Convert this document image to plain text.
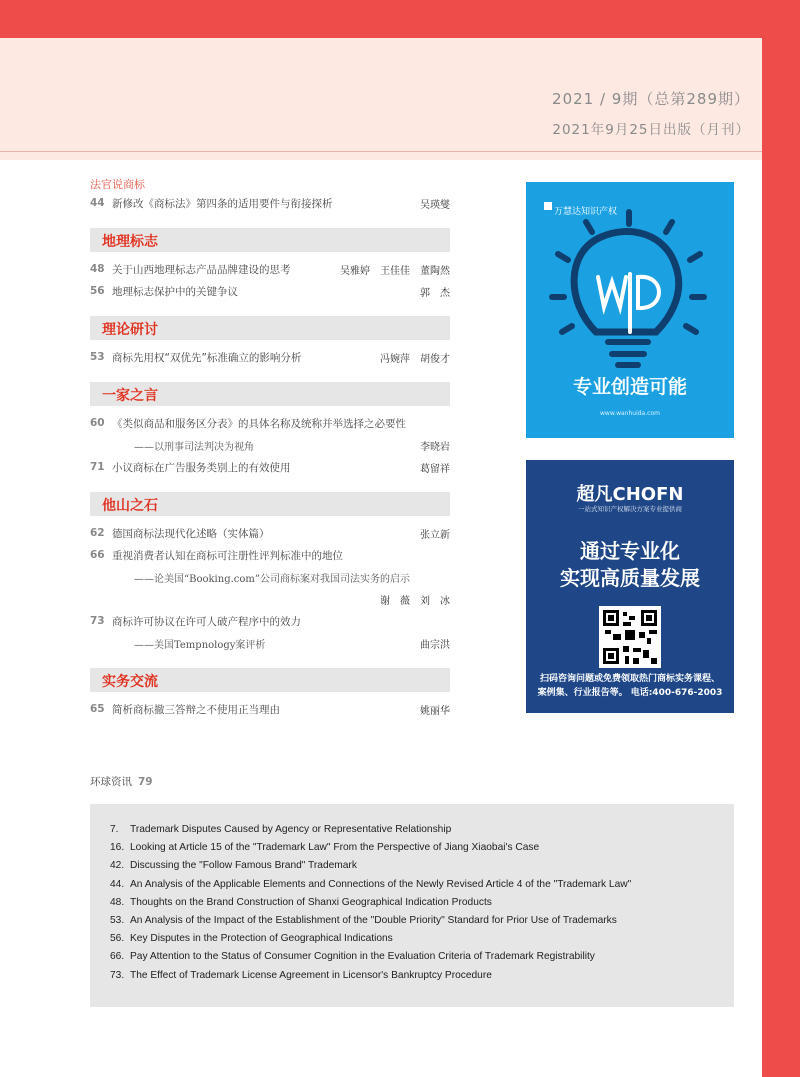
2021 / 9期（总第289期）
2021年9月25日出版（月刊）
法官说商标
44 新修改《商标法》第四条的适用要件与衔接探析	吴瑛燮
地理标志
48 关于山西地理标志产品品牌建设的思考	吴雅婷　王佳佳　董陶然
56 地理标志保护中的关键争议	郭　杰
理论研讨
53 商标先用权“双优先”标准确立的影响分析	冯婉萍　胡俊才
一家之言
60 《类似商品和服务区分表》的具体名称及统称并举选择之必要性
——以刑事司法判决为视角	李晓岩
71 小议商标在广告服务类别上的有效使用	葛留祥
他山之石
62 德国商标法现代化述略（实体篇）	张立新
66 重视消费者认知在商标可注册性评判标准中的地位
——论美国“Booking.com”公司商标案对我国司法实务的启示
谢　薇　刘　冰
73 商标许可协议在许可人破产程序中的效力
——美国Tempnology案评析	曲宗洪
实务交流
65 简析商标撤三答辩之不使用正当理由	姚丽华
环球资讯 79
万慧达知识产权
专业创造可能
www.wanhuida.com
超凡CHOFN
一站式知识产权解决方案专业提供商
通过专业化
实现高质量发展
扫码咨询问题或免费领取热门商标实务课程、案例集、行业报告等。 电话:400-676-2003
7.	Trademark Disputes Caused by Agency or Representative Relationship
16. Looking at Article 15 of the "Trademark Law" From the Perspective of Jiang Xiaobai's Case
42. Discussing the "Follow Famous Brand" Trademark
44. An Analysis of the Applicable Elements and Connections of the Newly Revised Article 4 of the "Trademark Law"
48. Thoughts on the Brand Construction of Shanxi Geographical Indication Products
53. An Analysis of the Impact of the Establishment of the "Double Priority" Standard for Prior Use of Trademarks
56. Key Disputes in the Protection of Geographical Indications
66. Pay Attention to the Status of Consumer Cognition in the Evaluation Criteria of Trademark Registrability
73. The Effect of Trademark License Agreement in Licensor's Bankruptcy Procedure
